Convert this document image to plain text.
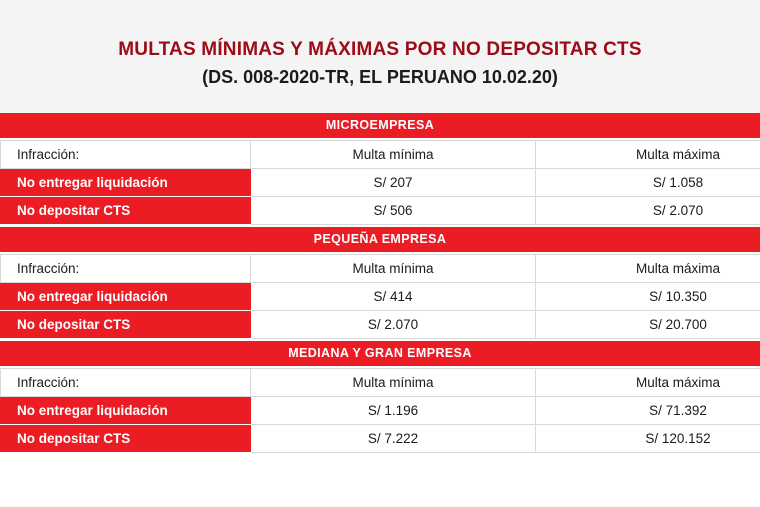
MULTAS MÍNIMAS Y MÁXIMAS POR NO DEPOSITAR CTS
(DS. 008-2020-TR, EL PERUANO 10.02.20)
MICROEMPRESA
Infracción:	Multa mínima	Multa máxima
No entregar liquidación	S/ 207	S/ 1.058
No depositar CTS	S/ 506	S/ 2.070
PEQUEÑA EMPRESA
Infracción:	Multa mínima	Multa máxima
No entregar liquidación	S/ 414	S/ 10.350
No depositar CTS	S/ 2.070	S/ 20.700
MEDIANA Y GRAN EMPRESA
Infracción:	Multa mínima	Multa máxima
No entregar liquidación	S/ 1.196	S/ 71.392
No depositar CTS	S/ 7.222	S/ 120.152
